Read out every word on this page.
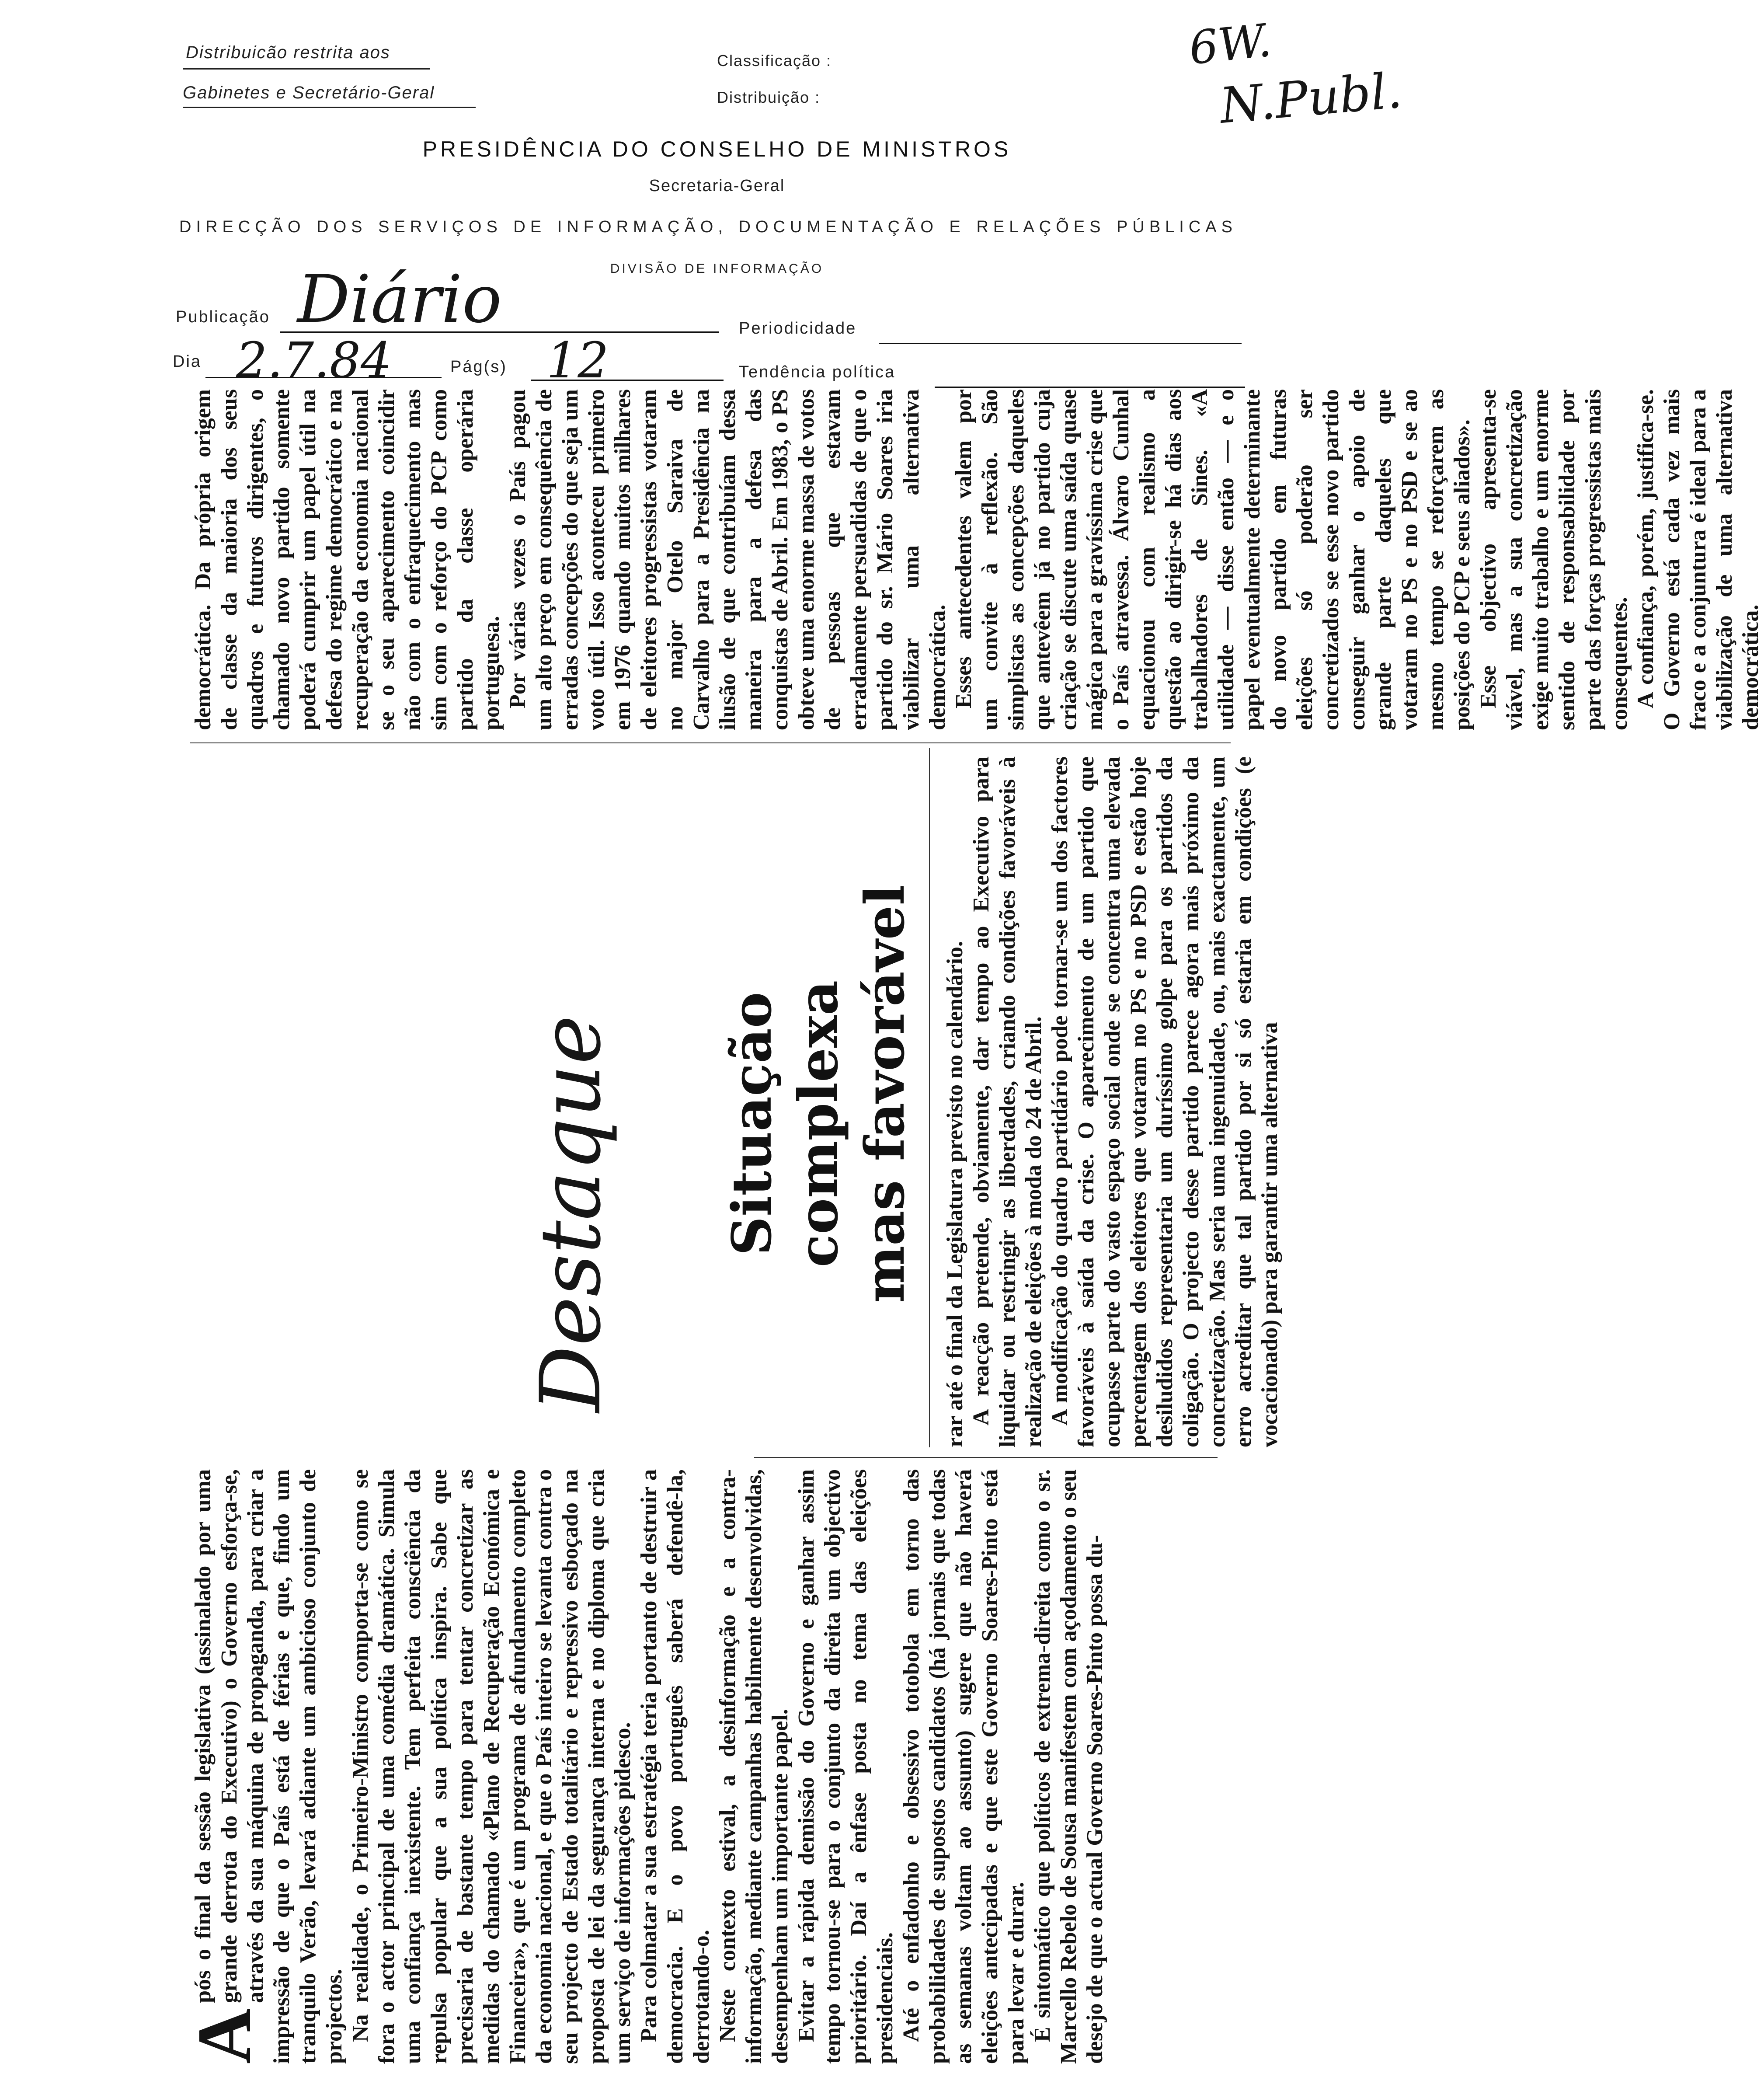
Distribuicão restrita aos
Gabinetes e Secretário-Geral
Classificação :
Distribuição :
6W.
N.Publ.
PRESIDÊNCIA DO CONSELHO DE MINISTROS
Secretaria-Geral
DIRECÇÃO DOS SERVIÇOS DE INFORMAÇÃO, DOCUMENTAÇÃO E RELAÇÕES PÚBLICAS
DIVISÃO DE INFORMAÇÃO
Publicação Diário	Periodicidade
Dia 2.7.84	Pág(s) 12	Tendência política

A
pós o final da sessão legislativa (assinalado por uma grande derrota do Executivo) o Governo esforça-se, através da sua máquina de propaganda, para criar a impressão de que o País está de férias e que, findo um tranquilo Verão, levará adiante um ambicioso conjunto de projectos. Na realidade, o Primeiro-Ministro comporta-se como se fora o actor principal de uma comédia dramática. Simula uma confiança inexistente. Tem perfeita consciência da repulsa popular que a sua política inspira. Sabe que precisaria de bastante tempo para tentar concretizar as medidas do chamado «Plano de Recuperação Económica e Financeira», que é um programa de afundamento completo da economia nacional, e que o País inteiro se levanta contra o seu projecto de Estado totalitário e repressivo esboçado na proposta de lei da segurança interna e no diploma que cria um serviço de informações pidesco. Para colmatar a sua estratégia teria portanto de destruir a democracia. E o povo português saberá defendê-la, derrotando-o. Neste contexto estival, a desinformação e a contra-informação, mediante campanhas habilmente desenvolvidas, desempenham um importante papel. Evitar a rápida demissão do Governo e ganhar assim tempo tornou-se para o conjunto da direita um objectivo prioritário. Daí a ênfase posta no tema das eleições presidenciais. Até o enfadonho e obsessivo totobola em torno das probabilidades de supostos candidatos (há jornais que todas as semanas voltam ao assunto) sugere que não haverá eleições antecipadas e que este Governo Soares-Pinto está para levar e durar. É sintomático que políticos de extrema-direita como o sr. Marcello Rebelo de Sousa manifestem com açodamento o seu desejo de que o actual Governo Soares-Pinto possa du-

Destaque Situação complexa mas favorável rar até o final da Legislatura previsto no calendário. A reacção pretende, obviamente, dar tempo ao Executivo para liquidar ou restringir as liberdades, criando condições favoráveis à realização de eleições à moda do 24 de Abril. A modificação do quadro partidário pode tornar-se um dos factores favoráveis à saída da crise. O aparecimento de um partido que ocupasse parte do vasto espaço social onde se concentra uma elevada percentagem dos eleitores que votaram no PS e no PSD e estão hoje desiludidos representaria um duríssimo golpe para os partidos da coligação. O projecto desse partido parece agora mais próximo da concretização. Mas seria uma ingenuidade, ou, mais exactamente, um erro acreditar que tal partido por si só estaria em condições (e vocacionado) para garantir uma alternativa

democrática. Da própria origem de classe da maioria dos seus quadros e futuros dirigentes, o chamado novo partido somente poderá cumprir um papel útil na defesa do regime democrático e na recuperação da economia nacional se o seu aparecimento coincidir não com o enfraquecimento mas sim com o reforço do PCP como partido da classe operária portuguesa. Por várias vezes o País pagou um alto preço em consequência de erradas concepções do que seja um voto útil. Isso aconteceu primeiro em 1976 quando muitos milhares de eleitores progressistas votaram no major Otelo Saraiva de Carvalho para a Presidência na ilusão de que contribuíam dessa maneira para a defesa das conquistas de Abril. Em 1983, o PS obteve uma enorme massa de votos de pessoas que estavam erradamente persuadidas de que o partido do sr. Mário Soares iria viabilizar uma alternativa democrática. Esses antecedentes valem por um convite à reflexão. São simplistas as concepções daqueles que antevêem já no partido cuja criação se discute uma saída quase mágica para a gravíssima crise que o País atravessa. Álvaro Cunhal equacionou com realismo a questão ao dirigir-se há dias aos trabalhadores de Sines. «A utilidade — disse então — e o papel eventualmente determinante do novo partido em futuras eleições só poderão ser concretizados se esse novo partido conseguir ganhar o apoio de grande parte daqueles que votaram no PS e no PSD e se ao mesmo tempo se reforçarem as posições do PCP e seus aliados». Esse objectivo apresenta-se viável, mas a sua concretização exige muito trabalho e um enorme sentido de responsabilidade por parte das forças progressistas mais consequentes. A confiança, porém, justifica-se. O Governo está cada vez mais fraco e a conjuntura é ideal para a viabilização de uma alternativa democrática.
